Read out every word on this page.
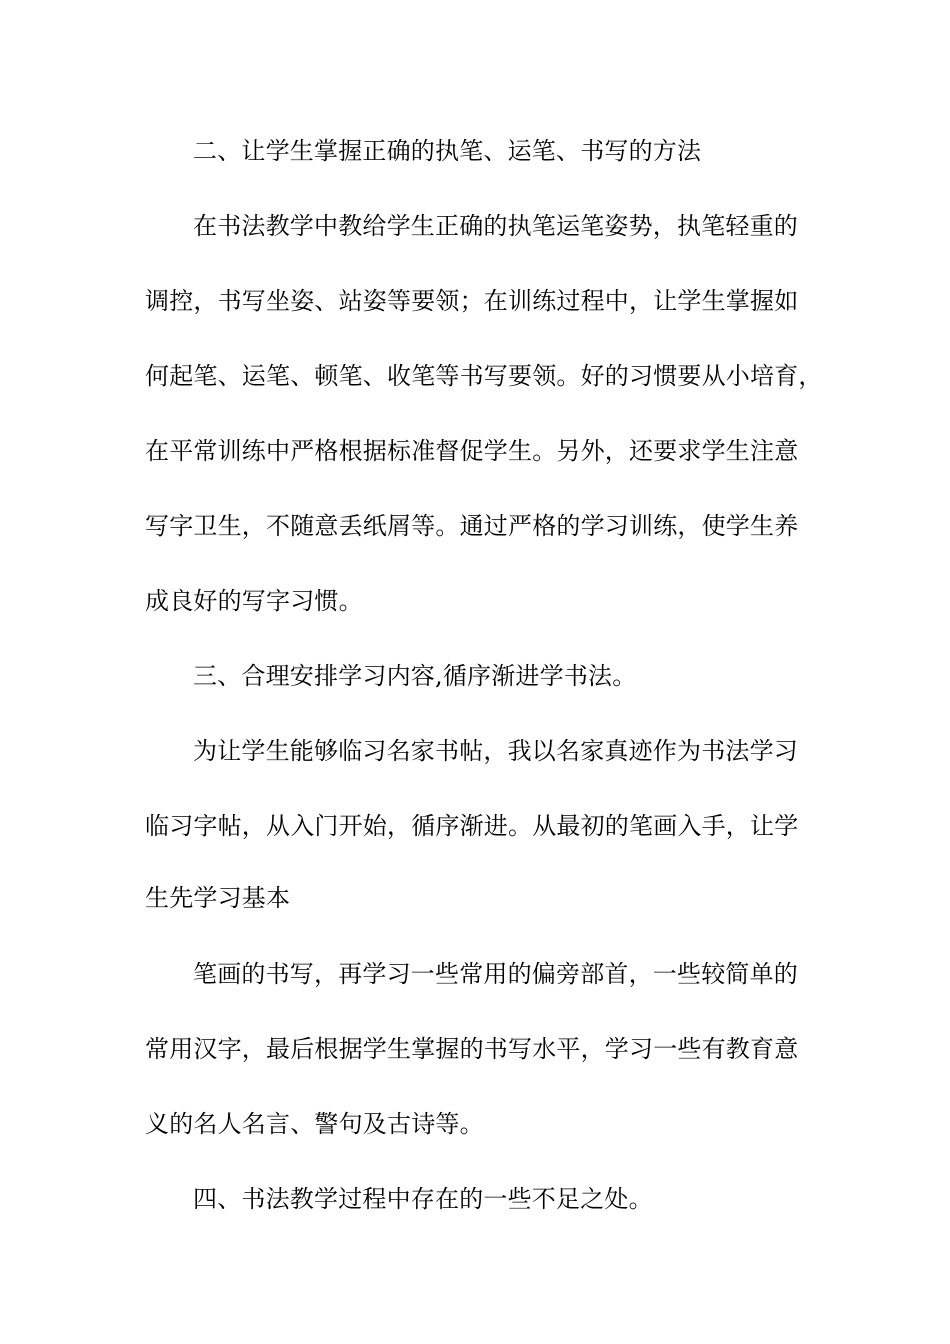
二、让学生掌握正确的执笔、运笔、书写的方法
在书法教学中教给学生正确的执笔运笔姿势，执笔轻重的
调控，书写坐姿、站姿等要领；在训练过程中，让学生掌握如
何起笔、运笔、顿笔、收笔等书写要领。好的习惯要从小培育，
在平常训练中严格根据标准督促学生。另外，还要求学生注意
写字卫生，不随意丢纸屑等。通过严格的学习训练，使学生养
成良好的写字习惯。
三、合理安排学习内容,循序渐进学书法。
为让学生能够临习名家书帖，我以名家真迹作为书法学习
临习字帖，从入门开始，循序渐进。从最初的笔画入手，让学
生先学习基本
笔画的书写，再学习一些常用的偏旁部首，一些较简单的
常用汉字，最后根据学生掌握的书写水平，学习一些有教育意
义的名人名言、警句及古诗等。
四、书法教学过程中存在的一些不足之处。
